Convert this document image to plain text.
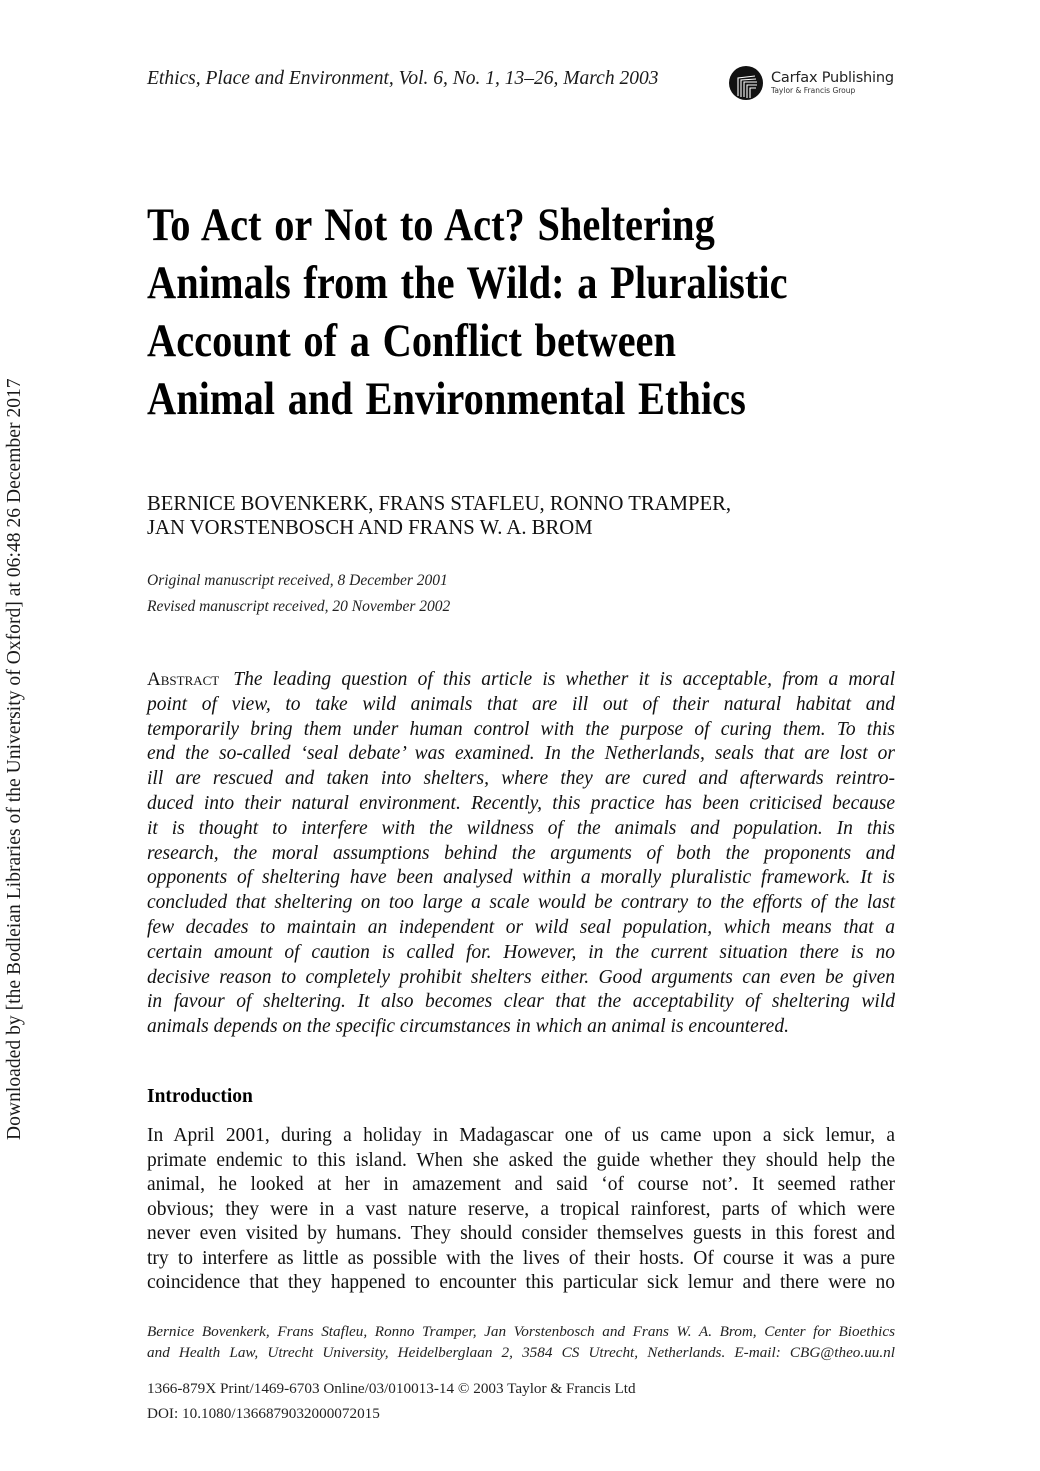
Downloaded by [the Bodleian Libraries of the University of Oxford] at 06:48 26 December 2017
Ethics, Place and Environment, Vol. 6, No. 1, 13–26, March 2003	Carfax Publishing
Taylor & Francis Group
To Act or Not to Act? Sheltering
Animals from the Wild: a Pluralistic
Account of a Conflict between
Animal and Environmental Ethics
BERNICE BOVENKERK, FRANS STAFLEU, RONNO TRAMPER,
JAN VORSTENBOSCH AND FRANS W. A. BROM
Original manuscript received, 8 December 2001
Revised manuscript received, 20 November 2002
Abstract The leading question of this article is whether it is acceptable, from a moral
point of view, to take wild animals that are ill out of their natural habitat and
temporarily bring them under human control with the purpose of curing them. To this
end the so-called ‘seal debate’ was examined. In the Netherlands, seals that are lost or
ill are rescued and taken into shelters, where they are cured and afterwards reintro-
duced into their natural environment. Recently, this practice has been criticised because
it is thought to interfere with the wildness of the animals and population. In this
research, the moral assumptions behind the arguments of both the proponents and
opponents of sheltering have been analysed within a morally pluralistic framework. It is
concluded that sheltering on too large a scale would be contrary to the efforts of the last
few decades to maintain an independent or wild seal population, which means that a
certain amount of caution is called for. However, in the current situation there is no
decisive reason to completely prohibit shelters either. Good arguments can even be given
in favour of sheltering. It also becomes clear that the acceptability of sheltering wild
animals depends on the specific circumstances in which an animal is encountered.
Introduction
In April 2001, during a holiday in Madagascar one of us came upon a sick lemur, a
primate endemic to this island. When she asked the guide whether they should help the
animal, he looked at her in amazement and said ‘of course not’. It seemed rather
obvious; they were in a vast nature reserve, a tropical rainforest, parts of which were
never even visited by humans. They should consider themselves guests in this forest and
try to interfere as little as possible with the lives of their hosts. Of course it was a pure
coincidence that they happened to encounter this particular sick lemur and there were no
Bernice Bovenkerk, Frans Stafleu, Ronno Tramper, Jan Vorstenbosch and Frans W. A. Brom, Center for Bioethics
and Health Law, Utrecht University, Heidelberglaan 2, 3584 CS Utrecht, Netherlands. E-mail: CBG@theo.uu.nl
1366-879X Print/1469-6703 Online/03/010013-14 © 2003 Taylor & Francis Ltd
DOI: 10.1080/1366879032000072015
